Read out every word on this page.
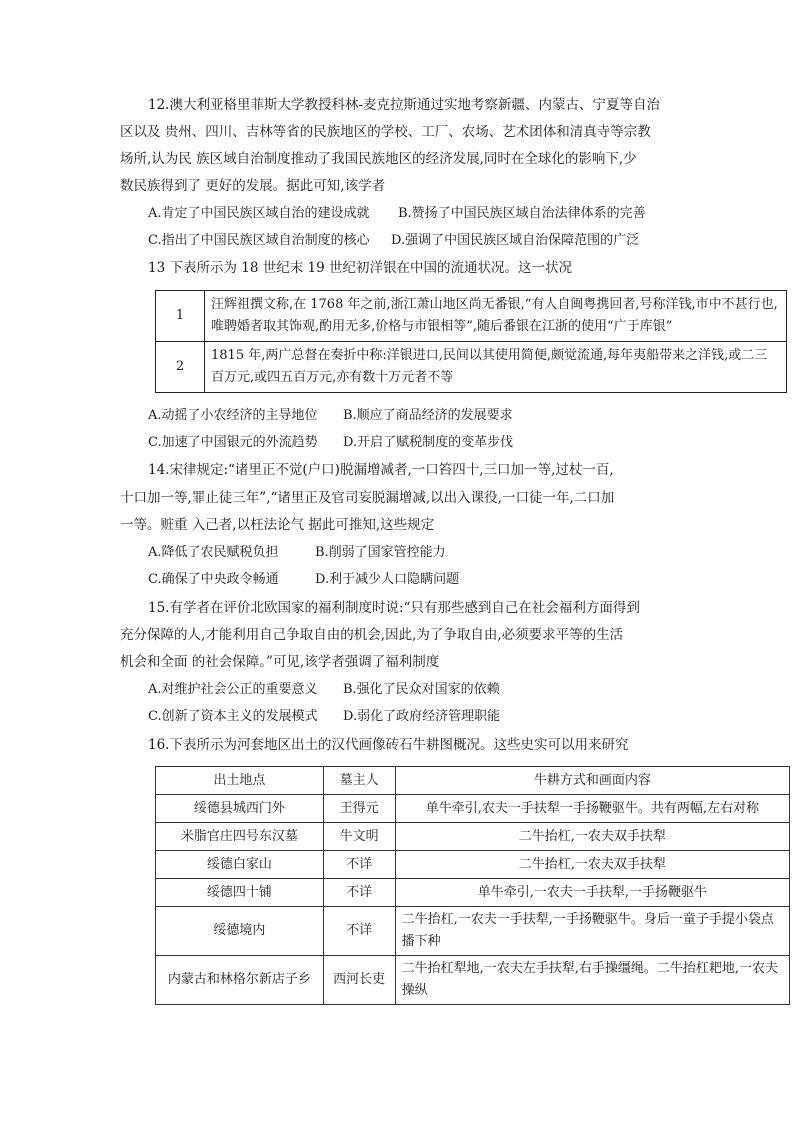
12.澳大利亚格里菲斯大学教授科林-麦克拉斯通过实地考察新疆、内蒙古、宁夏等自治
区以及 贵州、四川、吉林等省的民族地区的学校、工厂、农场、艺术团体和清真寺等宗教
场所,认为民 族区域自治制度推动了我国民族地区的经济发展,同时在全球化的影响下,少
数民族得到了 更好的发展。据此可知,该学者
A.肯定了中国民族区域自治的建设成就 B.赞扬了中国民族区域自治法律体系的完善
C.指出了中国民族区域自治制度的核心 D.强调了中国民族区域自治保障范围的广泛
13 下表所示为 18 世纪末 19 世纪初洋银在中国的流通状况。这一状况
1	汪辉祖撰文称,在 1768 年之前,浙江萧山地区尚无番银,“有人自闽粤携回者,号称洋钱,市中不甚行也,唯聘婚者取其饰观,酌用无多,价格与市银相等”,随后番银在江浙的使用“广于库银”
2	1815 年,两广总督在奏折中称:洋银进口,民间以其使用简便,颇觉流通,每年夷船带来之洋钱,或二三百万元,或四五百万元,亦有数十万元者不等
A.动摇了小农经济的主导地位 B.顺应了商品经济的发展要求
C.加速了中国银元的外流趋势 D.开启了赋税制度的变革步伐
14.宋律规定:“诸里正不觉(户口)脱漏增减者,一口笞四十,三口加一等,过杖一百,
十口加一等,罪止徒三年”,“诸里正及官司妄脱漏增减,以出入课役,一口徒一年,二口加
一等。赃重 入己者,以枉法论气 据此可推知,这些规定
A.降低了农民赋税负担	B.削弱了国家管控能力
C.确保了中央政令畅通	D.利于减少人口隐瞒问题
15.有学者在评价北欧国家的福利制度时说:“只有那些感到自己在社会福利方面得到
充分保障的人,才能利用自己争取自由的机会,因此,为了争取自由,必须要求平等的生活
机会和全面 的社会保障。”可见,该学者强调了福利制度
A.对维护社会公正的重要意义 B.强化了民众对国家的依赖
C.创新了资本主义的发展模式 D.弱化了政府经济管理职能
16.下表所示为河套地区出土的汉代画像砖石牛耕图概况。这些史实可以用来研究
出土地点	墓主人	牛耕方式和画面内容
绥德县城西门外	王得元	单牛牵引,农夫一手扶犁一手扬鞭驱牛。共有两幅,左右对称
米脂官庄四号东汉墓	牛文明	二牛抬杠,一农夫双手扶犁
绥德白家山	不详	二牛抬杠,一农夫双手扶犁
绥德四十铺	不详	单牛牵引,一农夫一手扶犁,一手扬鞭驱牛
绥德境内	不详	二牛抬杠,一农夫一手扶犁,一手扬鞭驱牛。身后一童子手提小袋点播下种
内蒙古和林格尔新店子乡	西河长吏	二牛抬杠犁地,一农夫左手扶犁,右手操缰绳。二牛抬杠耙地,一农夫操纵
